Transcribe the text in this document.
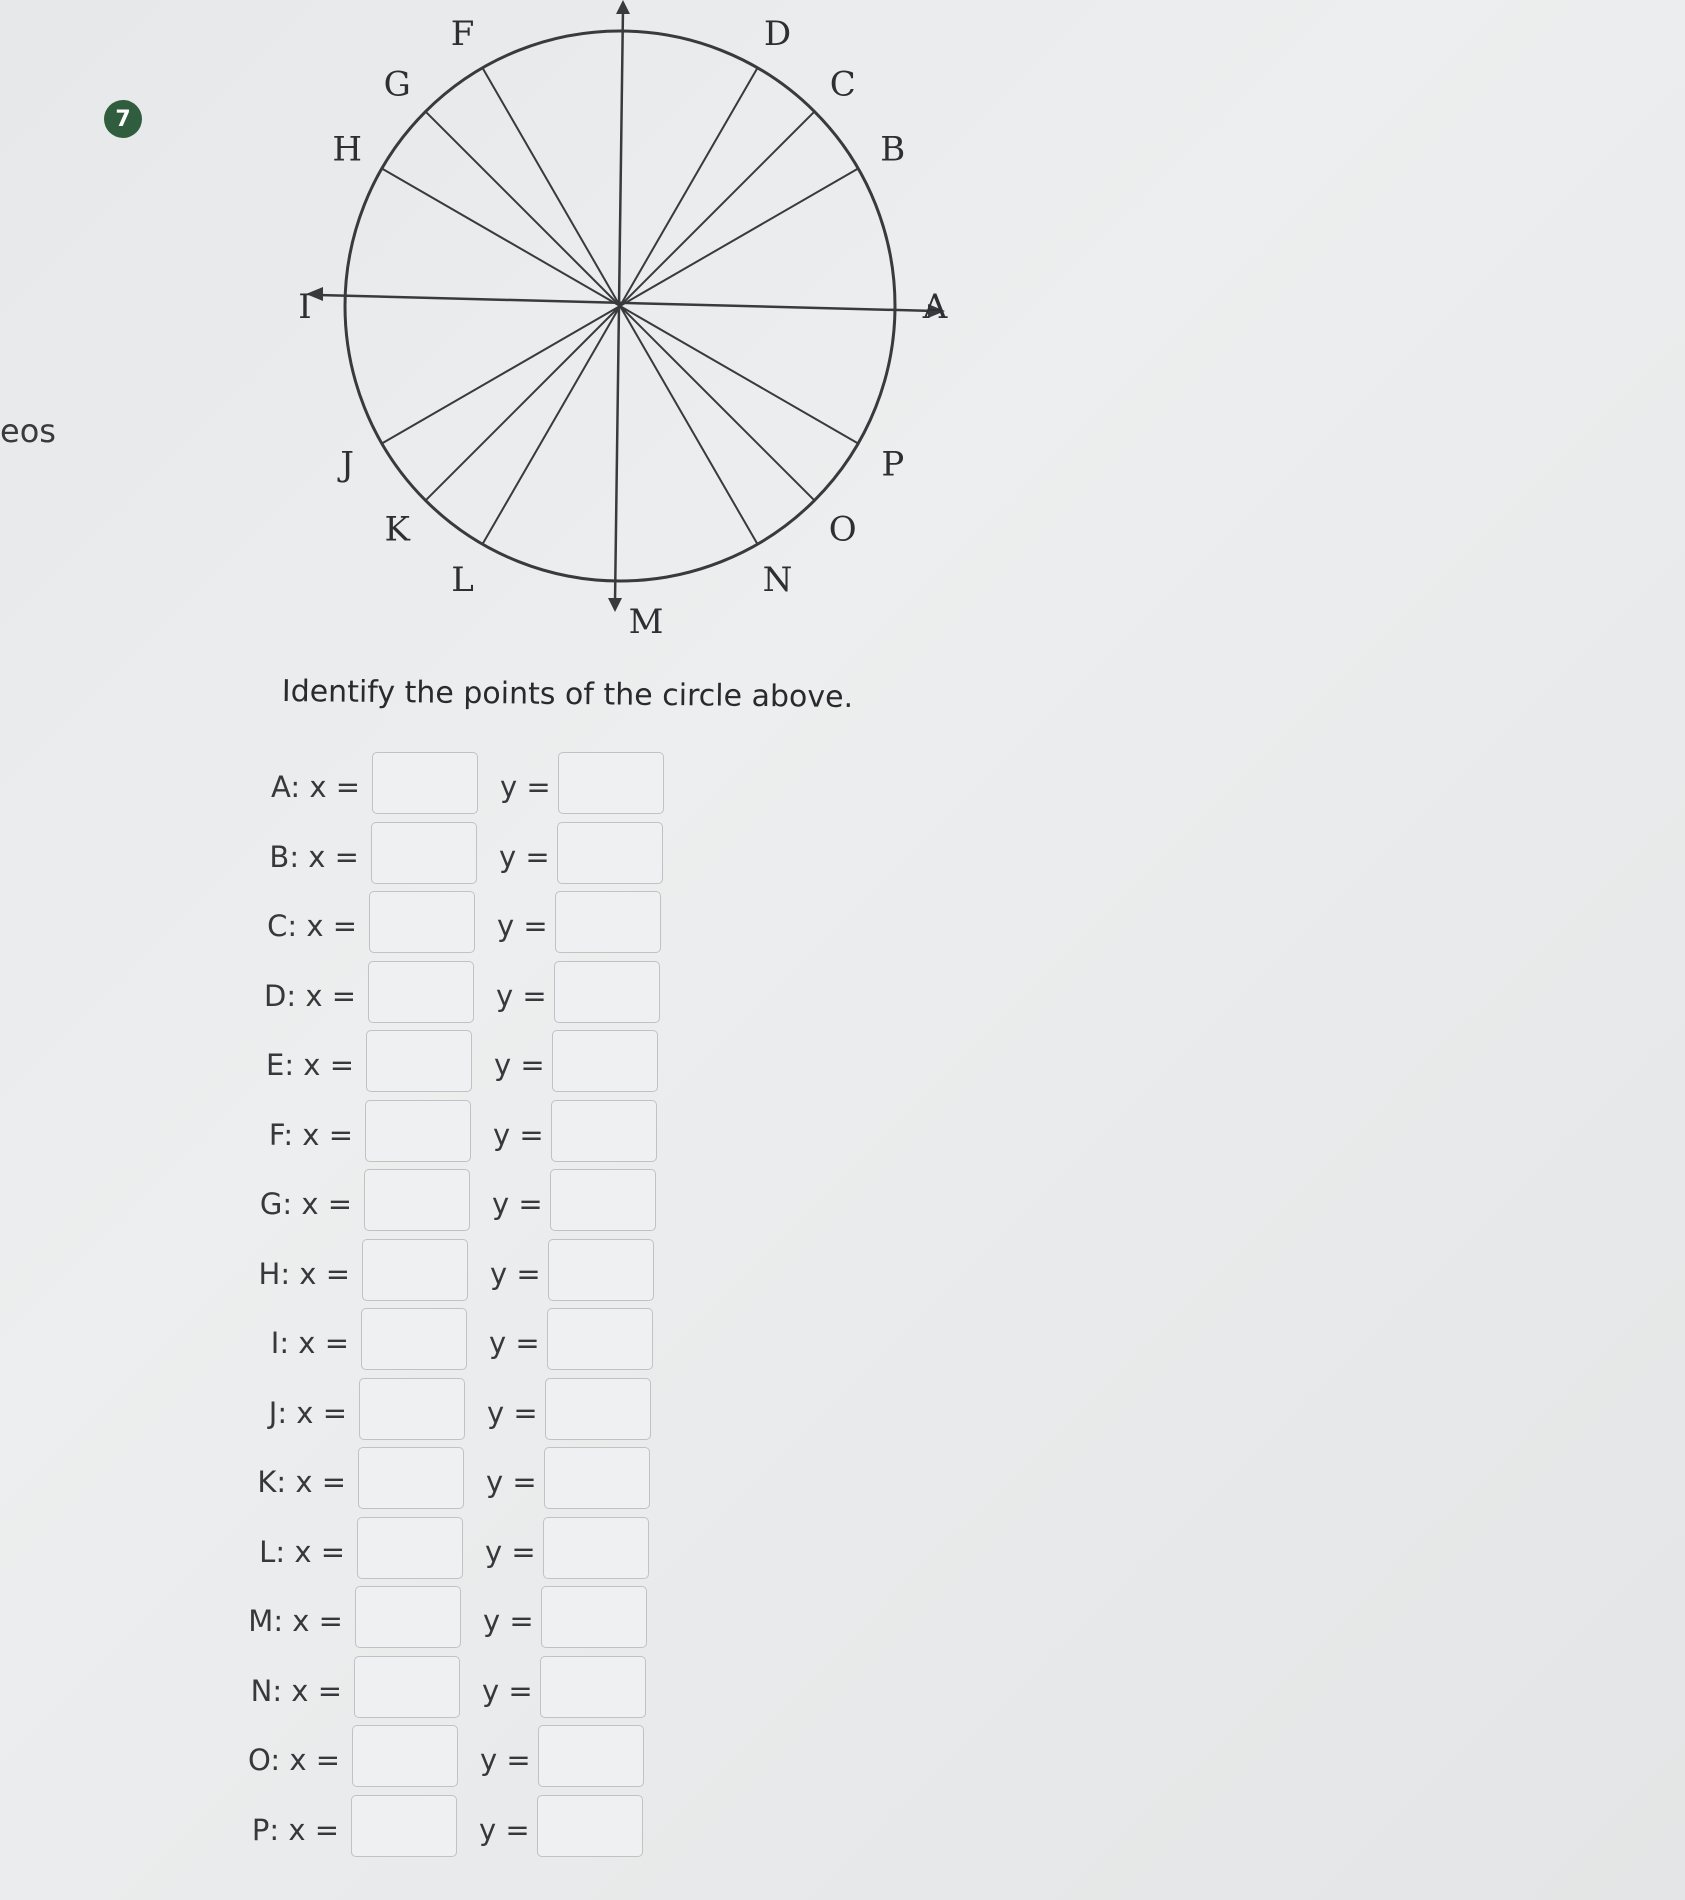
eos
7
A
B
C
D
F
G
H
I
J
K
L
M
N
O
P
Identify the points of the circle above.
A: x =	y =
B: x =	y =
C: x =	y =
D: x =	y =
E: x =	y =
F: x =	y =
G: x =	y =
H: x =	y =
I: x =	y =
J: x =	y =
K: x =	y =
L: x =	y =
M: x =	y =
N: x =	y =
O: x =	y =
P: x =	y =
